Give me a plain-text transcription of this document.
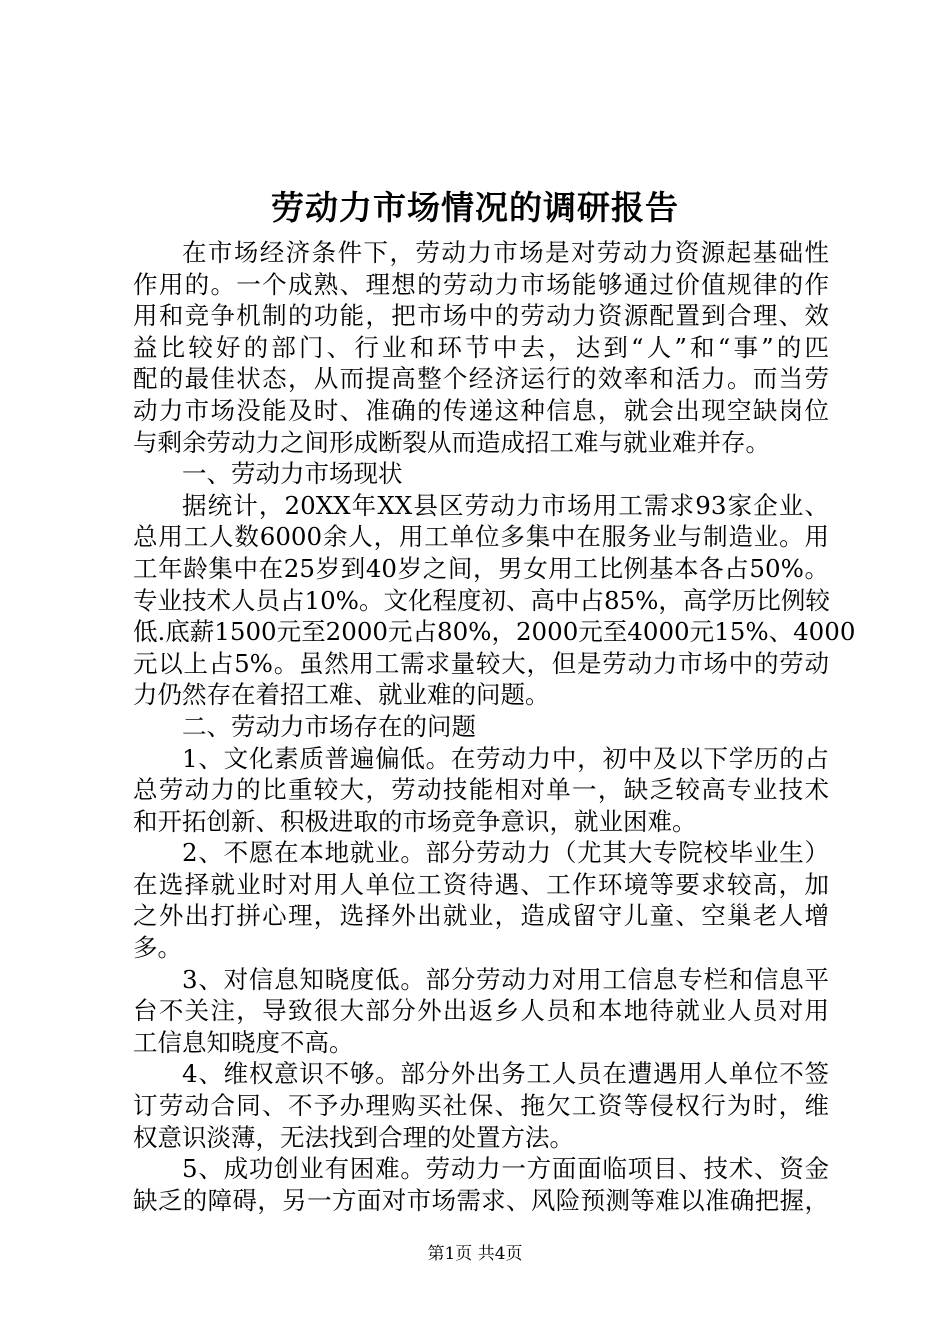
劳动力市场情况的调研报告
在市场经济条件下，劳动力市场是对劳动力资源起基础性
作用的。一个成熟、理想的劳动力市场能够通过价值规律的作
用和竞争机制的功能，把市场中的劳动力资源配置到合理、效
益比较好的部门、行业和环节中去，达到“人”和“事”的匹
配的最佳状态，从而提高整个经济运行的效率和活力。而当劳
动力市场没能及时、准确的传递这种信息，就会出现空缺岗位
与剩余劳动力之间形成断裂从而造成招工难与就业难并存。
一、劳动力市场现状
据统计，20XX年XX县区劳动力市场用工需求93家企业、
总用工人数6000余人，用工单位多集中在服务业与制造业。用
工年龄集中在25岁到40岁之间，男女用工比例基本各占50%。
专业技术人员占10%。文化程度初、高中占85%，高学历比例较
低.底薪1500元至2000元占80%，2000元至4000元15%、4000
元以上占5%。虽然用工需求量较大，但是劳动力市场中的劳动
力仍然存在着招工难、就业难的问题。
二、劳动力市场存在的问题
1、文化素质普遍偏低。在劳动力中，初中及以下学历的占
总劳动力的比重较大，劳动技能相对单一，缺乏较高专业技术
和开拓创新、积极进取的市场竞争意识，就业困难。
2、不愿在本地就业。部分劳动力（尤其大专院校毕业生）
在选择就业时对用人单位工资待遇、工作环境等要求较高，加
之外出打拼心理，选择外出就业，造成留守儿童、空巢老人增
多。
3、对信息知晓度低。部分劳动力对用工信息专栏和信息平
台不关注，导致很大部分外出返乡人员和本地待就业人员对用
工信息知晓度不高。
4、维权意识不够。部分外出务工人员在遭遇用人单位不签
订劳动合同、不予办理购买社保、拖欠工资等侵权行为时，维
权意识淡薄，无法找到合理的处置方法。
5、成功创业有困难。劳动力一方面面临项目、技术、资金
缺乏的障碍，另一方面对市场需求、风险预测等难以准确把握，
第1页 共4页
